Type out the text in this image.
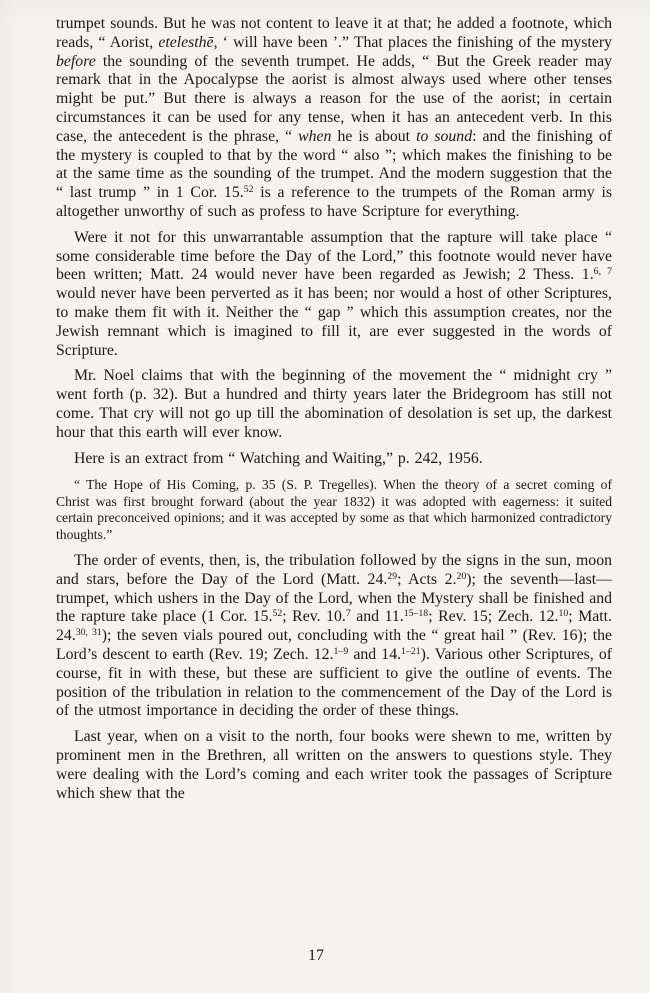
trumpet sounds. But he was not content to leave it at that; he added a footnote, which reads, “ Aorist, etelesthē, ‘ will have been ’.” That places the finishing of the mystery before the sounding of the seventh trumpet. He adds, “ But the Greek reader may remark that in the Apocalypse the aorist is almost always used where other tenses might be put.” But there is always a reason for the use of the aorist; in certain circumstances it can be used for any tense, when it has an antecedent verb. In this case, the antecedent is the phrase, “ when he is about to sound: and the finishing of the mystery is coupled to that by the word “ also ”; which makes the finishing to be at the same time as the sounding of the trumpet. And the modern suggestion that the “ last trump ” in 1 Cor. 15.52 is a reference to the trumpets of the Roman army is altogether unworthy of such as profess to have Scripture for everything.

Were it not for this unwarrantable assumption that the rapture will take place “ some considerable time before the Day of the Lord,” this footnote would never have been written; Matt. 24 would never have been regarded as Jewish; 2 Thess. 1.$^{6, 7}$ would never have been perverted as it has been; nor would a host of other Scriptures, to make them fit with it. Neither the “ gap ” which this assumption creates, nor the Jewish remnant which is imagined to fill it, are ever suggested in the words of Scripture.

Mr. Noel claims that with the beginning of the movement the “ midnight cry ” went forth (p. 32). But a hundred and thirty years later the Bridegroom has still not come. That cry will not go up till the abomination of desolation is set up, the darkest hour that this earth will ever know.

Here is an extract from “ Watching and Waiting,” p. 242, 1956.

“ The Hope of His Coming, p. 35 (S. P. Tregelles). When the theory of a secret coming of Christ was first brought forward (about the year 1832) it was adopted with eagerness: it suited certain preconceived opinions; and it was accepted by some as that which harmonized contradictory thoughts.”

The order of events, then, is, the tribulation followed by the signs in the sun, moon and stars, before the Day of the Lord (Matt. 24.29; Acts 2.20); the seventh—last—trumpet, which ushers in the Day of the Lord, when the Mystery shall be finished and the rapture take place (1 Cor. 15.52; Rev. 10.$^7$ and 11.$^{15-18}$; Rev. 15; Zech. 12.10; Matt. 24.$^{30, 31}$); the seven vials poured out, concluding with the “ great hail ” (Rev. 16); the Lord’s descent to earth (Rev. 19; Zech. 12.$^{1-9}$ and 14.$^{1-21}$). Various other Scriptures, of course, fit in with these, but these are sufficient to give the outline of events. The position of the tribulation in relation to the commencement of the Day of the Lord is of the utmost importance in deciding the order of these things.

Last year, when on a visit to the north, four books were shewn to me, written by prominent men in the Brethren, all written on the answers to questions style. They were dealing with the Lord’s coming and each writer took the passages of Scripture which shew that the

17
